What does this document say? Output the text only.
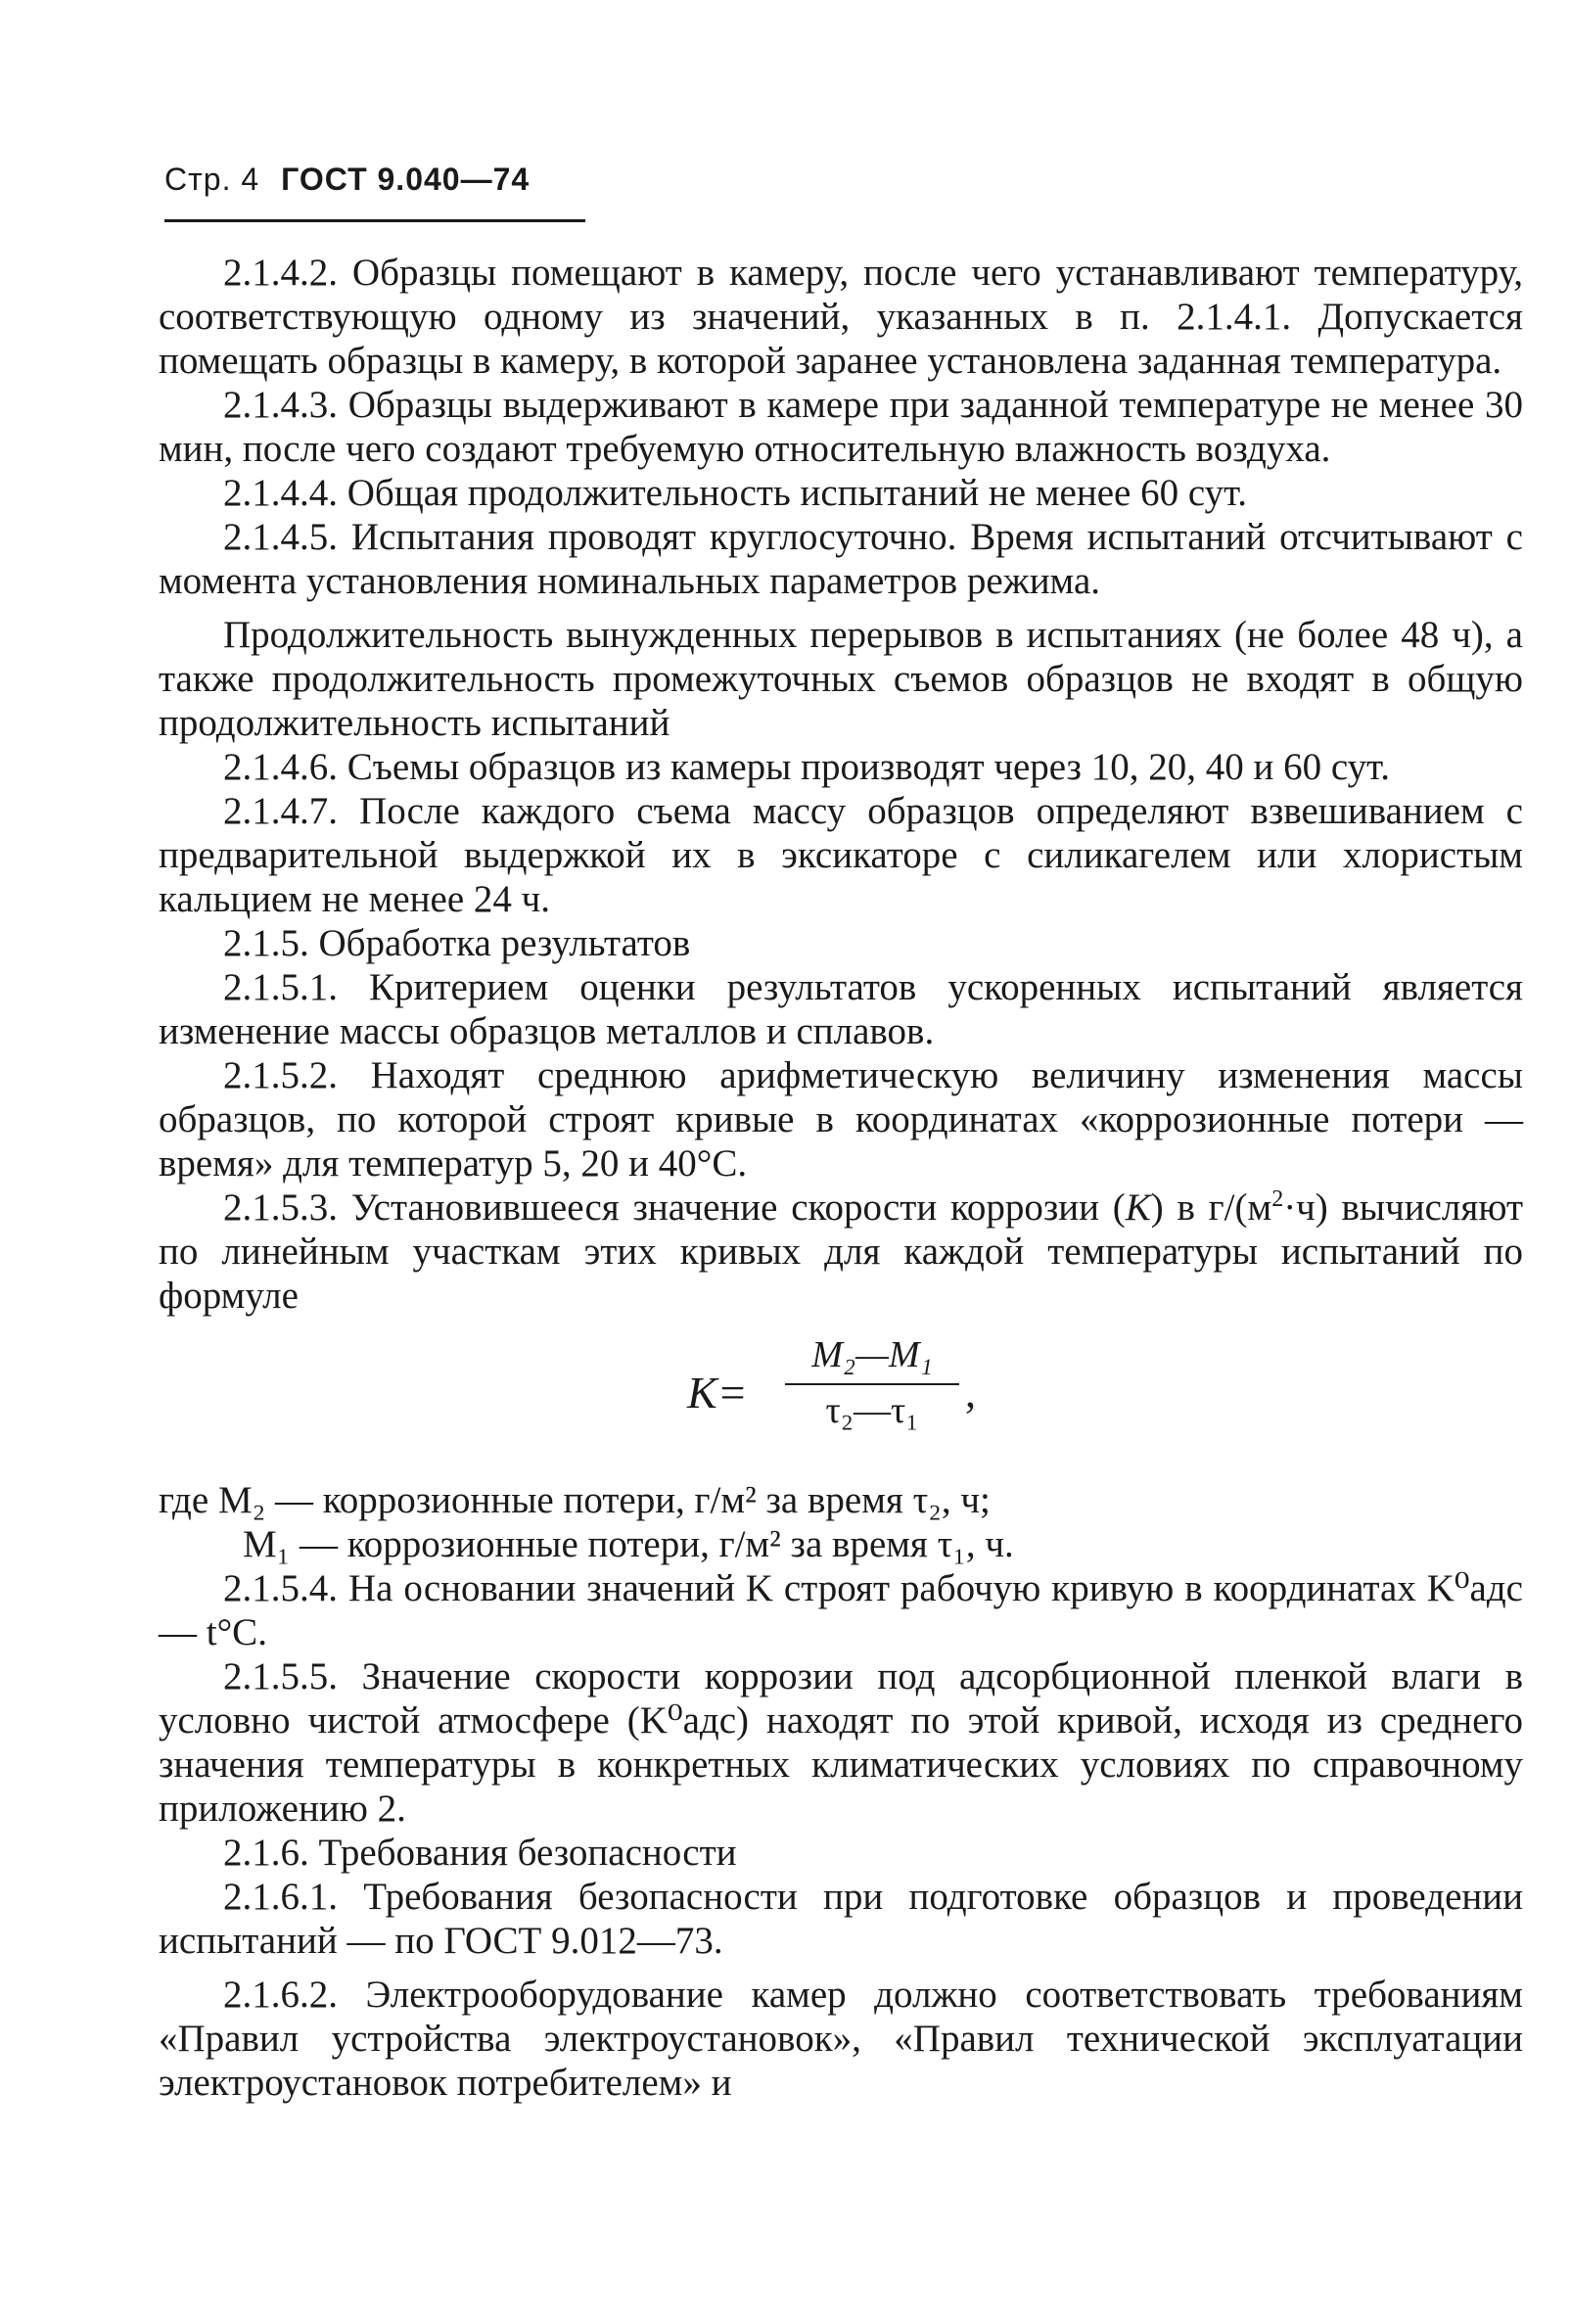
Стр. 4 ГОСТ 9.040—74

2.1.4.2. Образцы помещают в камеру, после чего устанавливают температуру, соответствующую одному из значений, указанных в п. 2.1.4.1. Допускается помещать образцы в камеру, в которой заранее установлена заданная температура.

2.1.4.3. Образцы выдерживают в камере при заданной температуре не менее 30 мин, после чего создают требуемую относительную влажность воздуха.

2.1.4.4. Общая продолжительность испытаний не менее 60 сут.

2.1.4.5. Испытания проводят круглосуточно. Время испытаний отсчитывают с момента установления номинальных параметров режима.

Продолжительность вынужденных перерывов в испытаниях (не более 48 ч), а также продолжительность промежуточных съемов образцов не входят в общую продолжительность испытаний

2.1.4.6. Съемы образцов из камеры производят через 10, 20, 40 и 60 сут.

2.1.4.7. После каждого съема массу образцов определяют взвешиванием с предварительной выдержкой их в эксикаторе с силикагелем или хлористым кальцием не менее 24 ч.

2.1.5. Обработка результатов

2.1.5.1. Критерием оценки результатов ускоренных испытаний является изменение массы образцов металлов и сплавов.

2.1.5.2. Находят среднюю арифметическую величину изменения массы образцов, по которой строят кривые в координатах «коррозионные потери — время» для температур 5, 20 и 40°С.

2.1.5.3. Установившееся значение скорости коррозии (K) в $г/(м^2\cdot ч)$ вычисляют по линейным участкам этих кривых для каждой температуры испытаний по формуле

$K= \frac{\text{M₂—M₁}}{\text{τ₂—τ₁}}$ ,

где M₂ — коррозионные потери, г/м² за время τ₂, ч;

M₁ — коррозионные потери, г/м² за время τ₁, ч.

2.1.5.4. На основании значений K строят рабочую кривую в координатах K⁰адс — t°С.

2.1.5.5. Значение скорости коррозии под адсорбционной пленкой влаги в условно чистой атмосфере (K⁰адс) находят по этой кривой, исходя из среднего значения температуры в конкретных климатических условиях по справочному приложению 2.

2.1.6. Требования безопасности

2.1.6.1. Требования безопасности при подготовке образцов и проведении испытаний — по ГОСТ 9.012—73.

2.1.6.2. Электрооборудование камер должно соответствовать требованиям «Правил устройства электроустановок», «Правил технической эксплуатации электроустановок потребителем» и
